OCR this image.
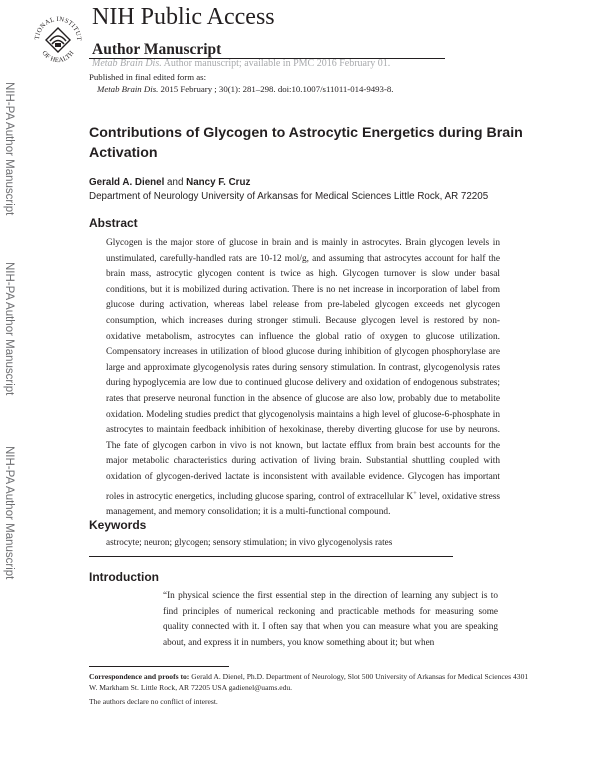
TIONAL INSTITUT
OF HEALTH
NIH Public Access
Author Manuscript
Metab Brain Dis. Author manuscript; available in PMC 2016 February 01.
Published in final edited form as:
Metab Brain Dis. 2015 February ; 30(1): 281–298. doi:10.1007/s11011-014-9493-8.
NIH-PA Author Manuscript
NIH-PA Author Manuscript
NIH-PA Author Manuscript
Contributions of Glycogen to Astrocytic Energetics during Brain Activation
Gerald A. Dienel and Nancy F. Cruz
Department of Neurology University of Arkansas for Medical Sciences Little Rock, AR 72205
Abstract
Glycogen is the major store of glucose in brain and is mainly in astrocytes. Brain glycogen levels in unstimulated, carefully-handled rats are 10-12 mol/g, and assuming that astrocytes account for half the brain mass, astrocytic glycogen content is twice as high. Glycogen turnover is slow under basal conditions, but it is mobilized during activation. There is no net increase in incorporation of label from glucose during activation, whereas label release from pre-labeled glycogen exceeds net glycogen consumption, which increases during stronger stimuli. Because glycogen level is restored by non-oxidative metabolism, astrocytes can influence the global ratio of oxygen to glucose utilization. Compensatory increases in utilization of blood glucose during inhibition of glycogen phosphorylase are large and approximate glycogenolysis rates during sensory stimulation. In contrast, glycogenolysis rates during hypoglycemia are low due to continued glucose delivery and oxidation of endogenous substrates; rates that preserve neuronal function in the absence of glucose are also low, probably due to metabolite oxidation. Modeling studies predict that glycogenolysis maintains a high level of glucose-6-phosphate in astrocytes to maintain feedback inhibition of hexokinase, thereby diverting glucose for use by neurons. The fate of glycogen carbon in vivo is not known, but lactate efflux from brain best accounts for the major metabolic characteristics during activation of living brain. Substantial shuttling coupled with oxidation of glycogen-derived lactate is inconsistent with available evidence. Glycogen has important roles in astrocytic energetics, including glucose sparing, control of extracellular K+ level, oxidative stress management, and memory consolidation; it is a multi-functional compound.
Keywords
astrocyte; neuron; glycogen; sensory stimulation; in vivo glycogenolysis rates
Introduction
“In physical science the first essential step in the direction of learning any subject is to find principles of numerical reckoning and practicable methods for measuring some quality connected with it. I often say that when you can measure what you are speaking about, and express it in numbers, you know something about it; but when
Correspondence and proofs to: Gerald A. Dienel, Ph.D. Department of Neurology, Slot 500 University of Arkansas for Medical Sciences 4301 W. Markham St. Little Rock, AR 72205 USA gadienel@uams.edu.
The authors declare no conflict of interest.
